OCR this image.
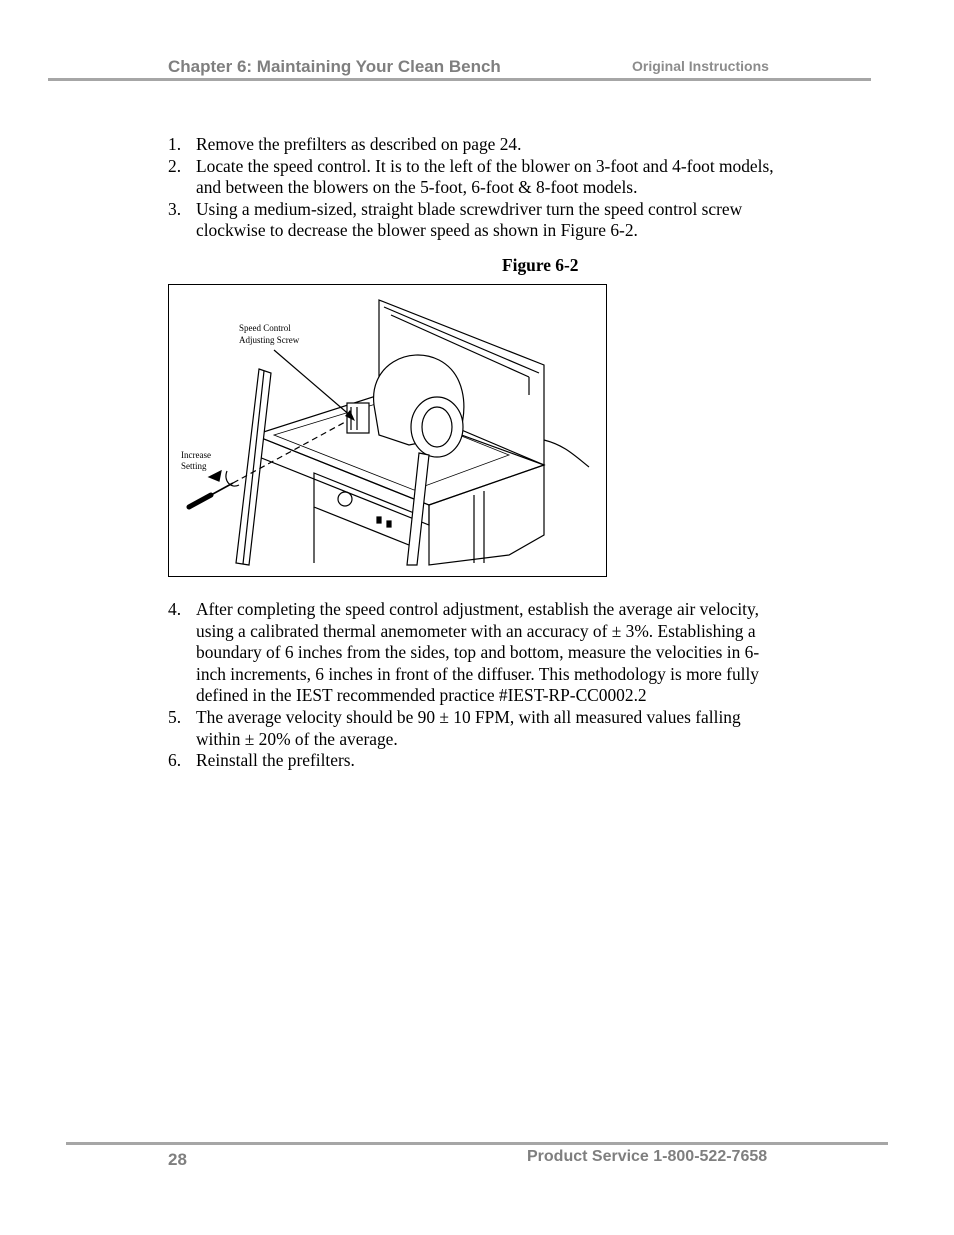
Chapter 6: Maintaining Your Clean Bench	Original Instructions
1. Remove the prefilters as described on page 24.
2. Locate the speed control. It is to the left of the blower on 3-foot and 4-foot models, and between the blowers on the 5-foot, 6-foot & 8-foot models.
3. Using a medium-sized, straight blade screwdriver turn the speed control screw clockwise to decrease the blower speed as shown in Figure 6-2.
Figure 6-2
Speed Control
Adjusting Screw
Increase
Setting
4. After completing the speed control adjustment, establish the average air velocity, using a calibrated thermal anemometer with an accuracy of ± 3%. Establishing a boundary of 6 inches from the sides, top and bottom, measure the velocities in 6-inch increments, 6 inches in front of the diffuser. This methodology is more fully defined in the IEST recommended practice #IEST-RP-CC0002.2
5. The average velocity should be 90 ± 10 FPM, with all measured values falling within ± 20% of the average.
6. Reinstall the prefilters.
28	Product Service 1-800-522-7658
